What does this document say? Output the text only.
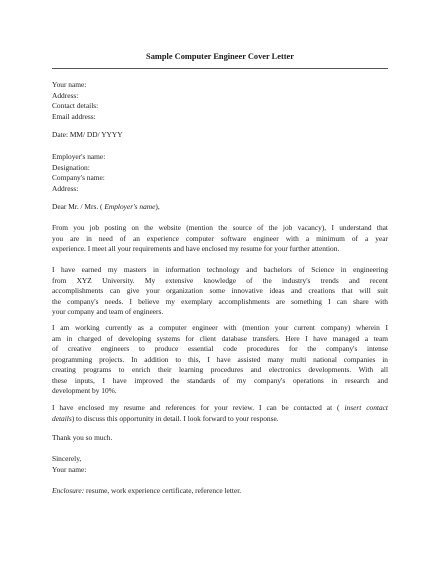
Sample Computer Engineer Cover Letter
Your name:
Address:
Contact details:
Email address:
Date: MM/ DD/ YYYY
Employer's name:
Designation:
Company's name:
Address:
Dear Mr. / Mrs. ( Employer's name),
From you job posting on the website (mention the source of the job vacancy), I understand that
you are in need of an experience computer software engineer with a minimum of a year
experience. I meet all your requirements and have enclosed my resume for your further attention.
I have earned my masters in information technology and bachelors of Science in engineering
from XYZ University. My extensive knowledge of the industry's trends and recent
accomplishments can give your organization some innovative ideas and creations that will suit
the company's needs. I believe my exemplary accomplishments are something I can share with
your company and team of engineers.
I am working currently as a computer engineer with (mention your current company) wherein I
am in charged of developing systems for client database transfers. Here I have managed a team
of creative engineers to produce essential code procedures for the company's intense
programming projects. In addition to this, I have assisted many multi national companies in
creating programs to enrich their learning procedures and electronics developments. With all
these inputs, I have improved the standards of my company's operations in research and
development by 10%.
I have enclosed my resume and references for your review. I can be contacted at ( insert contact
details) to discuss this opportunity in detail. I look forward to your response.
Thank you so much.
Sincerely,
Your name:
Enclosure: resume, work experience certificate, reference letter.
